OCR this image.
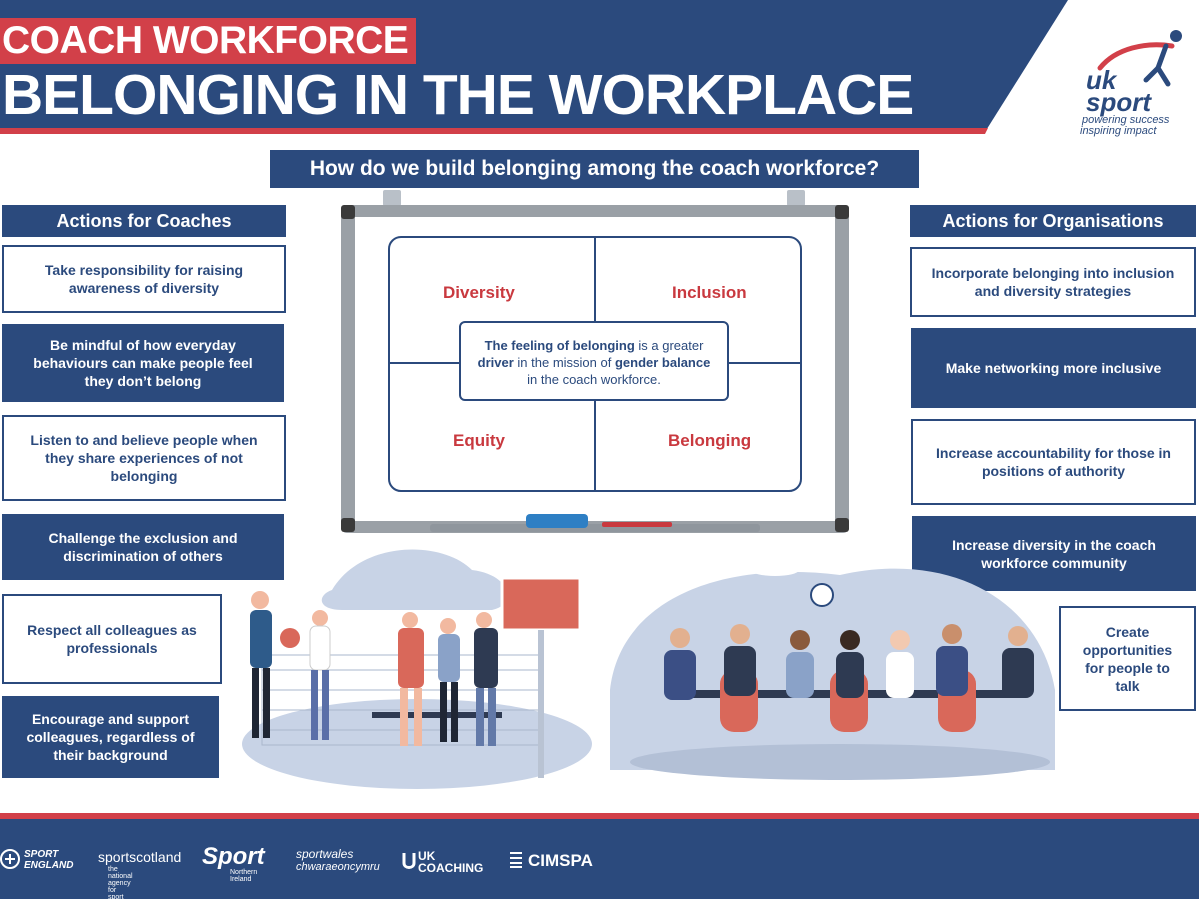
COACH WORKFORCE
BELONGING IN THE WORKPLACE	uk
sport
powering success
inspiring impact
How do we build belonging among the coach workforce?
Actions for Coaches
Take responsibility for raising awareness of diversity
Be mindful of how everyday behaviours can make people feel they don’t belong
Listen to and believe people when they share experiences of not belonging
Challenge the exclusion and discrimination of others
Respect all colleagues as professionals
Encourage and support colleagues, regardless of their background
Actions for Organisations
Incorporate belonging into inclusion and diversity strategies
Make networking more inclusive
Increase accountability for those in positions of authority
Increase diversity in the coach workforce community
Create opportunities for people to talk
Diversity	Inclusion
Equity	Belonging
The feeling of belonging is a greater driver in the mission of gender balance in the coach workforce.
SPORT
ENGLAND
sportscotland
the national agency for sport
Sport
Northern Ireland
sportwales
chwaraeoncymru
UK
COACHING	CIMSPA
